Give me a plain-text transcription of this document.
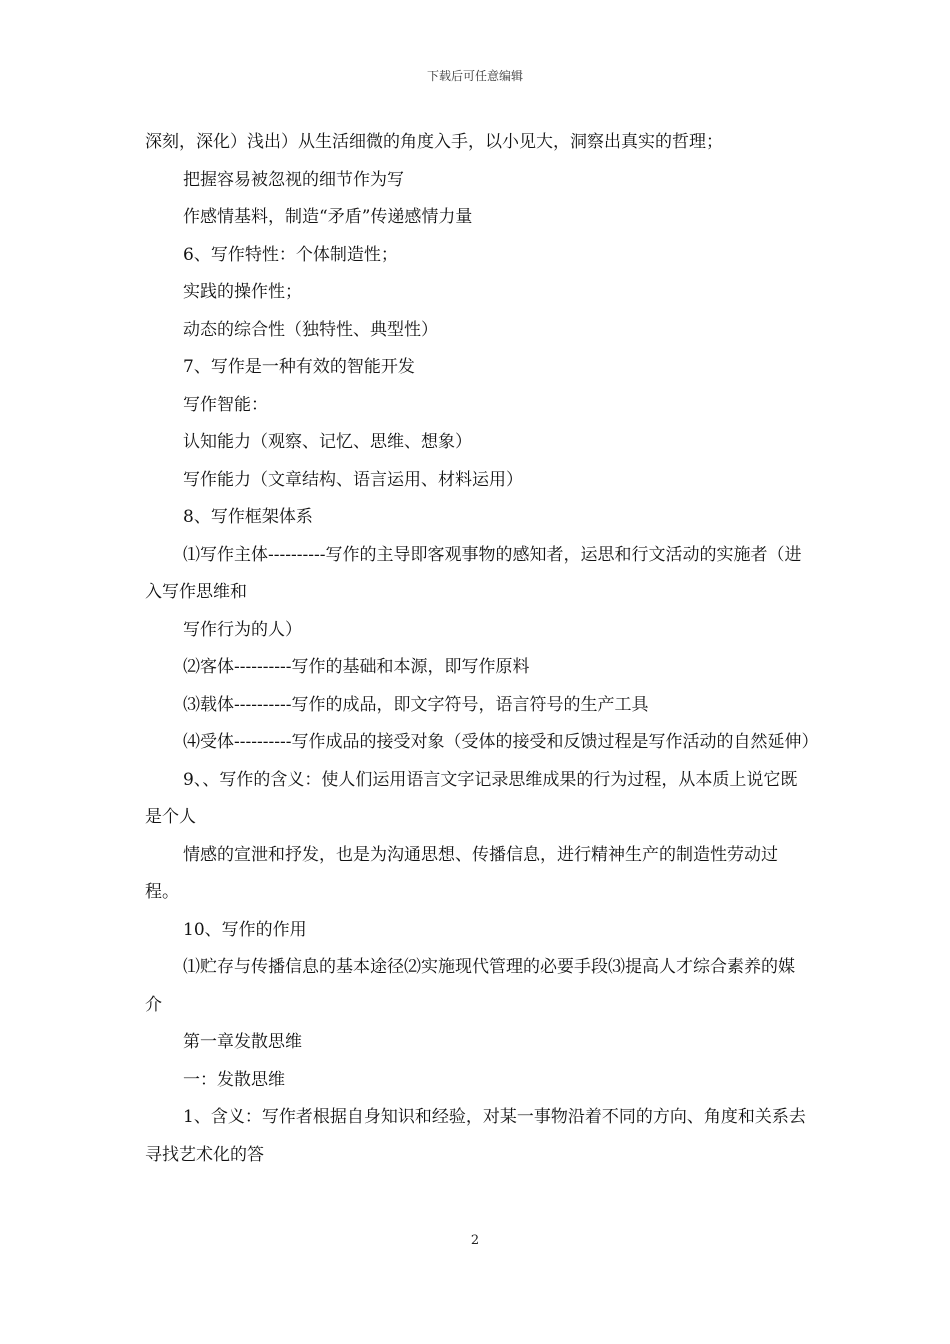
下载后可任意编辑

深刻，深化）浅出）从生活细微的角度入手，以小见大，洞察出真实的哲理；

把握容易被忽视的细节作为写

作感情基料，制造“矛盾”传递感情力量

6、写作特性：个体制造性；

实践的操作性；

动态的综合性（独特性、典型性）

7、写作是一种有效的智能开发

写作智能：

认知能力（观察、记忆、思维、想象）

写作能力（文章结构、语言运用、材料运用）

8、写作框架体系

⑴写作主体----------写作的主导即客观事物的感知者，运思和行文活动的实施者（进入写作思维和

写作行为的人）

⑵客体----------写作的基础和本源，即写作原料

⑶载体----------写作的成品，即文字符号，语言符号的生产工具

⑷受体----------写作成品的接受对象（受体的接受和反馈过程是写作活动的自然延伸）

9、、写作的含义：使人们运用语言文字记录思维成果的行为过程，从本质上说它既是个人

情感的宣泄和抒发，也是为沟通思想、传播信息，进行精神生产的制造性劳动过程。

10、写作的作用

⑴贮存与传播信息的基本途径⑵实施现代管理的必要手段⑶提高人才综合素养的媒介

第一章发散思维

一：发散思维

1、含义：写作者根据自身知识和经验，对某一事物沿着不同的方向、角度和关系去寻找艺术化的答

2
